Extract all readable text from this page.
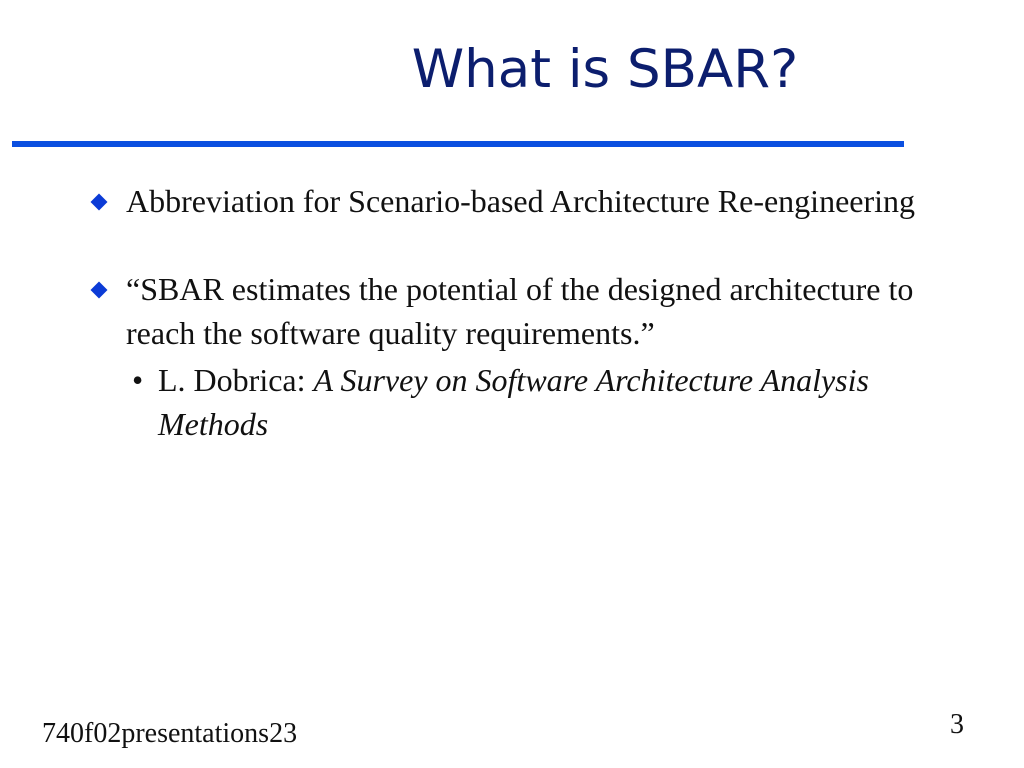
What is SBAR?
Abbreviation for Scenario-based Architecture Re-engineering
“SBAR estimates the potential of the designed architecture to reach the software quality requirements.”
• L. Dobrica: A Survey on Software Architecture Analysis Methods
740f02presentations23	3
